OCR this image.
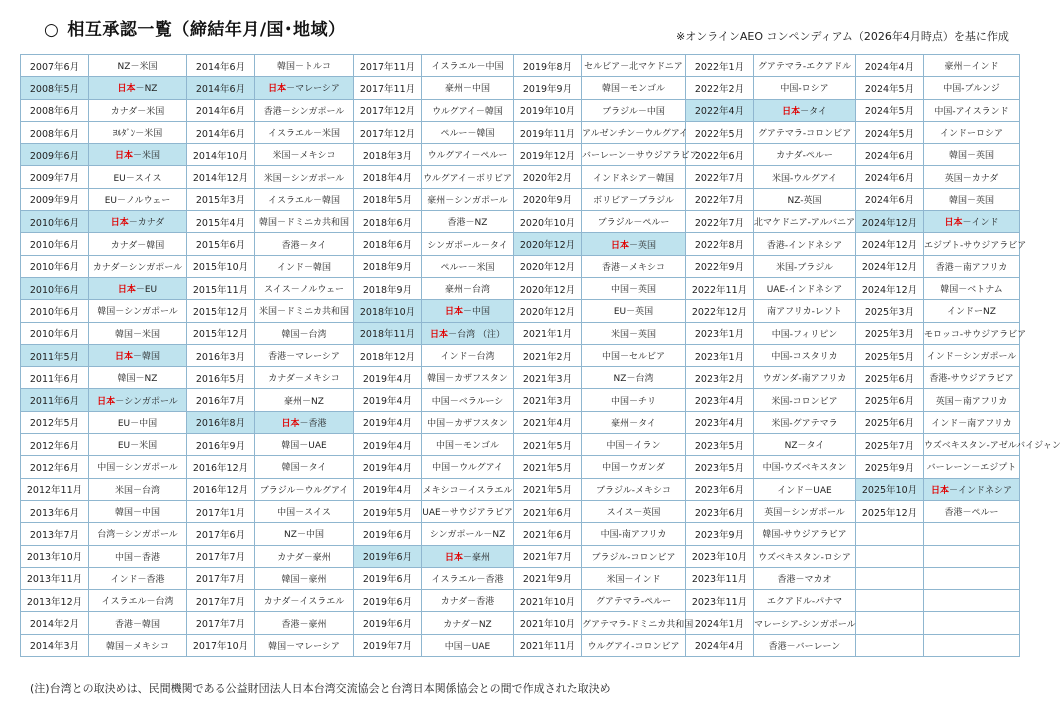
○ 相互承認一覧（締結年月/国･地域）	※オンラインAEO コンペンディアム（2026年4月時点）を基に作成
2007年6月	NZ－米国	2014年6月	韓国－トルコ	2017年11月	イスラエル－中国	2019年8月	セルビア－北マケドニア	2022年1月	グアテマラ-エクアドル	2024年4月	豪州－インド
2008年5月	日本－NZ	2014年6月	日本－マレーシア	2017年11月	豪州－中国	2019年9月	韓国－モンゴル	2022年2月	中国-ロシア	2024年5月	中国-ブルンジ
2008年6月	カナダ－米国	2014年6月	香港－シンガポール	2017年12月	ウルグアイ－韓国	2019年10月	ブラジル－中国	2022年4月	日本－タイ	2024年5月	中国-アイスランド
2008年6月	ﾖﾙﾀﾞﾝ－米国	2014年6月	イスラエル－米国	2017年12月	ペルー－韓国	2019年11月	アルゼンチン－ウルグアイ	2022年5月	グアテマラ-コロンビア	2024年5月	インドーロシア
2009年6月	日本－米国	2014年10月	米国－メキシコ	2018年3月	ウルグアイ－ペルー	2019年12月	バーレーン－サウジアラビア	2022年6月	カナダ-ペルー	2024年6月	韓国－英国
2009年7月	EU－スイス	2014年12月	米国－シンガポール	2018年4月	ウルグアイ－ボリビア	2020年2月	インドネシア－韓国	2022年7月	米国-ウルグアイ	2024年6月	英国－カナダ
2009年9月	EU－ノルウェー	2015年3月	イスラエル－韓国	2018年5月	豪州－シンガポール	2020年9月	ボリビア－ブラジル	2022年7月	NZ-英国	2024年6月	韓国－英国
2010年6月	日本－カナダ	2015年4月	韓国－ドミニカ共和国	2018年6月	香港－NZ	2020年10月	ブラジル－ペルー	2022年7月	北マケドニア-アルバニア	2024年12月	日本－インド
2010年6月	カナダ－韓国	2015年6月	香港－タイ	2018年6月	シンガポール－タイ	2020年12月	日本－英国	2022年8月	香港-インドネシア	2024年12月	エジプト-サウジアラビア
2010年6月	カナダ－シンガポール	2015年10月	インド－韓国	2018年9月	ペルー－米国	2020年12月	香港－メキシコ	2022年9月	米国-ブラジル	2024年12月	香港－南アフリカ
2010年6月	日本－EU	2015年11月	スイス－ノルウェー	2018年9月	豪州－台湾	2020年12月	中国－英国	2022年11月	UAE-インドネシア	2024年12月	韓国－ベトナム
2010年6月	韓国－シンガポール	2015年12月	米国－ドミニカ共和国	2018年10月	日本－中国	2020年12月	EU－英国	2022年12月	南アフリカ-レソト	2025年3月	インドーNZ
2010年6月	韓国－米国	2015年12月	韓国－台湾	2018年11月	日本－台湾 （注）	2021年1月	米国－英国	2023年1月	中国-フィリピン	2025年3月	モロッコ-サウジアラビア
2011年5月	日本－韓国	2016年3月	香港－マレーシア	2018年12月	インド－台湾	2021年2月	中国－セルビア	2023年1月	中国-コスタリカ	2025年5月	インド－シンガポール
2011年6月	韓国－NZ	2016年5月	カナダ－メキシコ	2019年4月	韓国－カザフスタン	2021年3月	NZ－台湾	2023年2月	ウガンダ-南アフリカ	2025年6月	香港-サウジアラビア
2011年6月	日本－シンガポール	2016年7月	豪州－NZ	2019年4月	中国－ベラルーシ	2021年3月	中国－チリ	2023年4月	米国-コロンビア	2025年6月	英国－南アフリカ
2012年5月	EU－中国	2016年8月	日本－香港	2019年4月	中国－カザフスタン	2021年4月	豪州－タイ	2023年4月	米国-グアテマラ	2025年6月	インド－南アフリカ
2012年6月	EU－米国	2016年9月	韓国－UAE	2019年4月	中国－モンゴル	2021年5月	中国－イラン	2023年5月	NZ－タイ	2025年7月	ウズベキスタン-アゼルバイジャン
2012年6月	中国－シンガポール	2016年12月	韓国－タイ	2019年4月	中国－ウルグアイ	2021年5月	中国－ウガンダ	2023年5月	中国-ウズベキスタン	2025年9月	バーレーン－エジプト
2012年11月	米国－台湾	2016年12月	ブラジル－ウルグアイ	2019年4月	メキシコ－イスラエル	2021年5月	ブラジル-メキシコ	2023年6月	インド－UAE	2025年10月	日本－インドネシア
2013年6月	韓国－中国	2017年1月	中国－スイス	2019年5月	UAE－サウジアラビア	2021年6月	スイス－英国	2023年6月	英国－シンガポール	2025年12月	香港－ペルー
2013年7月	台湾－シンガポール	2017年6月	NZ－中国	2019年6月	シンガポール－NZ	2021年6月	中国-南アフリカ	2023年9月	韓国-サウジアラビア		
2013年10月	中国－香港	2017年7月	カナダ－豪州	2019年6月	日本－豪州	2021年7月	ブラジル-コロンビア	2023年10月	ウズベキスタン-ロシア		
2013年11月	インド－香港	2017年7月	韓国－豪州	2019年6月	イスラエル－香港	2021年9月	米国－インド	2023年11月	香港－マカオ		
2013年12月	イスラエル－台湾	2017年7月	カナダ－イスラエル	2019年6月	カナダ－香港	2021年10月	グアテマラ-ペルー	2023年11月	エクアドル-パナマ		
2014年2月	香港－韓国	2017年7月	香港－豪州	2019年6月	カナダ－NZ	2021年10月	グアテマラ-ドミニカ共和国	2024年1月	マレーシア-シンガポール		
2014年3月	韓国－メキシコ	2017年10月	韓国－マレーシア	2019年7月	中国－UAE	2021年11月	ウルグアイ-コロンビア	2024年4月	香港－バーレーン		
(注)台湾との取決めは、民間機関である公益財団法人日本台湾交流協会と台湾日本関係協会との間で作成された取決め
